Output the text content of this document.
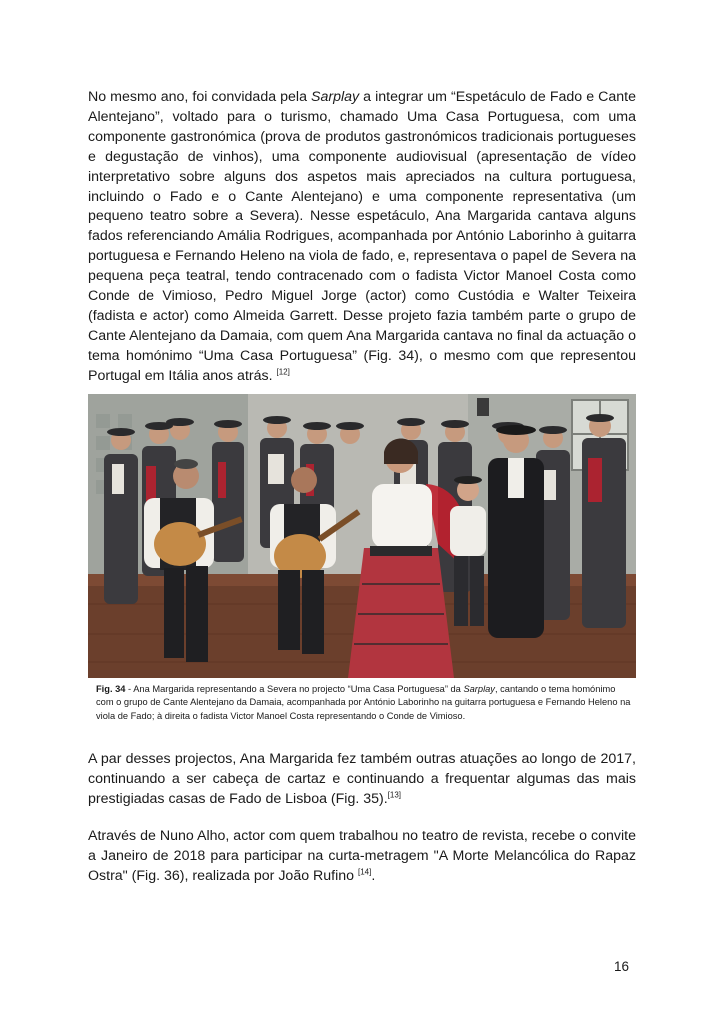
No mesmo ano, foi convidada pela Sarplay a integrar um “Espetáculo de Fado e Cante Alentejano”, voltado para o turismo, chamado Uma Casa Portuguesa, com uma componente gastronómica (prova de produtos gastronómicos tradicionais portugueses e degustação de vinhos), uma componente audiovisual (apresentação de vídeo interpretativo sobre alguns dos aspetos mais apreciados na cultura portuguesa, incluindo o Fado e o Cante Alentejano) e uma componente representativa (um pequeno teatro sobre a Severa). Nesse espetáculo, Ana Margarida cantava alguns fados referenciando Amália Rodrigues, acompanhada por António Laborinho à guitarra portuguesa e Fernando Heleno na viola de fado, e, representava o papel de Severa na pequena peça teatral, tendo contracenado com o fadista Victor Manoel Costa como Conde de Vimioso, Pedro Miguel Jorge (actor) como Custódia e Walter Teixeira (fadista e actor) como Almeida Garrett. Desse projeto fazia também parte o grupo de Cante Alentejano da Damaia, com quem Ana Margarida cantava no final da actuação o tema homónimo “Uma Casa Portuguesa” (Fig. 34), o mesmo com que representou Portugal em Itália anos atrás. [12]

Fig. 34 - Ana Margarida representando a Severa no projecto “Uma Casa Portuguesa” da Sarplay, cantando o tema homónimo com o grupo de Cante Alentejano da Damaia, acompanhada por António Laborinho na guitarra portuguesa e Fernando Heleno na viola de Fado; à direita o fadista Victor Manoel Costa representando o Conde de Vimioso.

A par desses projectos, Ana Margarida fez também outras atuações ao longo de 2017, continuando a ser cabeça de cartaz e continuando a frequentar algumas das mais prestigiadas casas de Fado de Lisboa (Fig. 35).[13]

Através de Nuno Alho, actor com quem trabalhou no teatro de revista, recebe o convite a Janeiro de 2018 para participar na curta-metragem "A Morte Melancólica do Rapaz Ostra" (Fig. 36), realizada por João Rufino [14].

16
